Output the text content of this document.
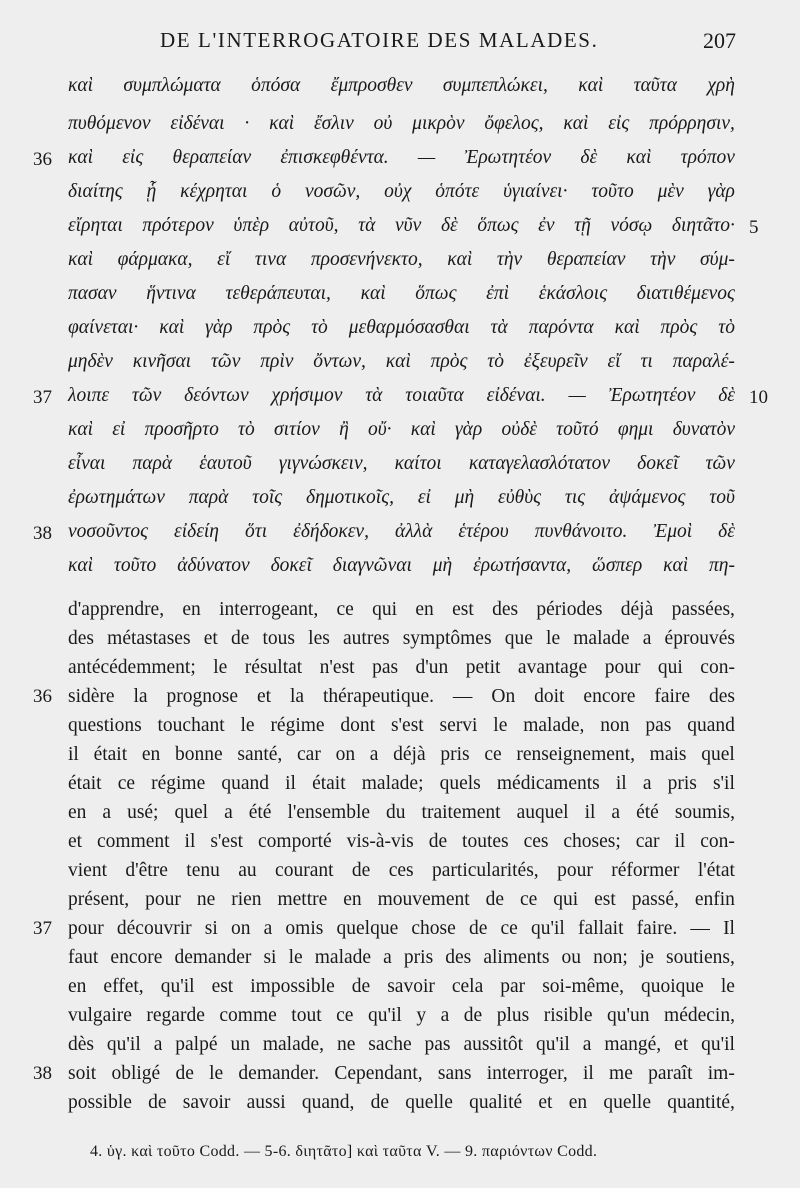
DE L'INTERROGATOIRE DES MALADES.	207
καὶ συμπλώματα ὁπόσα ἔμπροσθεν συμπεπλώκει, καὶ ταῦτα χρὴ
πυθόμενον εἰδέναι · καὶ ἔσλιν οὐ μικρὸν ὄφελος, καὶ εἰς πρόρρησιν,
καὶ εἰς θεραπείαν ἐπισκεφθέντα. — Ἐρωτητέον δὲ καὶ τρόπον
διαίτης ᾗ κέχρηται ὁ νοσῶν, οὐχ ὁπότε ὑγιαίνει· τοῦτο μὲν γὰρ
εἴρηται πρότερον ὑπὲρ αὐτοῦ, τὰ νῦν δὲ ὅπως ἐν τῇ νόσῳ διητᾶτο·
καὶ φάρμακα, εἴ τινα προσενήνεκτο, καὶ τὴν θεραπείαν τὴν σύμ-
πασαν ἥντινα τεθεράπευται, καὶ ὅπως ἐπὶ ἑκάσλοις διατιθέμενος
φαίνεται· καὶ γὰρ πρὸς τὸ μεθαρμόσασθαι τὰ παρόντα καὶ πρὸς τὸ
μηδὲν κινῆσαι τῶν πρὶν ὄντων, καὶ πρὸς τὸ ἐξευρεῖν εἴ τι παραλέ-
λοιπε τῶν δεόντων χρήσιμον τὰ τοιαῦτα εἰδέναι. — Ἐρωτητέον δὲ
καὶ εἰ προσῆρτο τὸ σιτίον ἢ οὔ· καὶ γὰρ οὐδὲ τοῦτό φημι δυνατὸν
εἶναι παρὰ ἑαυτοῦ γιγνώσκειν, καίτοι καταγελασλότατον δοκεῖ τῶν
ἐρωτημάτων παρὰ τοῖς δημοτικοῖς, εἰ μὴ εὐθὺς τις ἀψάμενος τοῦ
νοσοῦντος εἰδείη ὅτι ἐδήδοκεν, ἀλλὰ ἑτέρου πυνθάνοιτο. Ἐμοὶ δὲ
καὶ τοῦτο ἀδύνατον δοκεῖ διαγνῶναι μὴ ἐρωτήσαντα, ὥσπερ καὶ πη-
36
37
38
5
10
d'apprendre, en interrogeant, ce qui en est des périodes déjà passées,
des métastases et de tous les autres symptômes que le malade a éprouvés
antécédemment; le résultat n'est pas d'un petit avantage pour qui con-
sidère la prognose et la thérapeutique. — On doit encore faire des
questions touchant le régime dont s'est servi le malade, non pas quand
il était en bonne santé, car on a déjà pris ce renseignement, mais quel
était ce régime quand il était malade; quels médicaments il a pris s'il
en a usé; quel a été l'ensemble du traitement auquel il a été soumis,
et comment il s'est comporté vis-à-vis de toutes ces choses; car il con-
vient d'être tenu au courant de ces particularités, pour réformer l'état
présent, pour ne rien mettre en mouvement de ce qui est passé, enfin
pour découvrir si on a omis quelque chose de ce qu'il fallait faire. — Il
faut encore demander si le malade a pris des aliments ou non; je soutiens,
en effet, qu'il est impossible de savoir cela par soi-même, quoique le
vulgaire regarde comme tout ce qu'il y a de plus risible qu'un médecin,
dès qu'il a palpé un malade, ne sache pas aussitôt qu'il a mangé, et qu'il
soit obligé de le demander. Cependant, sans interroger, il me paraît im-
possible de savoir aussi quand, de quelle qualité et en quelle quantité,
36
37
38
4. ὑγ. καὶ τοῦτο Codd. — 5-6. διητᾶτο] καὶ ταῦτα V. — 9. παριόντων Codd.
